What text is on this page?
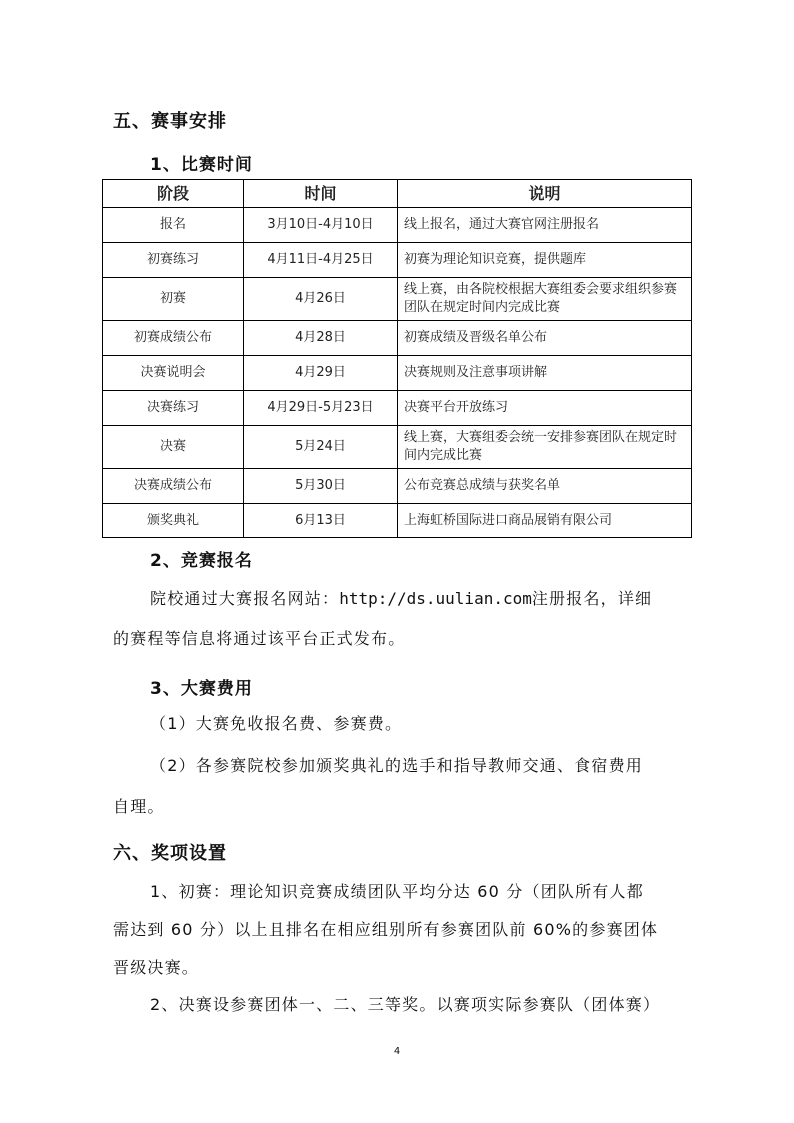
五、赛事安排
1、比赛时间
阶段	时间	说明
报名	3月10日-4月10日	线上报名，通过大赛官网注册报名
初赛练习	4月11日-4月25日	初赛为理论知识竞赛，提供题库
初赛	4月26日	线上赛，由各院校根据大赛组委会要求组织参赛团队在规定时间内完成比赛
初赛成绩公布	4月28日	初赛成绩及晋级名单公布
决赛说明会	4月29日	决赛规则及注意事项讲解
决赛练习	4月29日-5月23日	决赛平台开放练习
决赛	5月24日	线上赛，大赛组委会统一安排参赛团队在规定时间内完成比赛
决赛成绩公布	5月30日	公布竞赛总成绩与获奖名单
颁奖典礼	6月13日	上海虹桥国际进口商品展销有限公司
2、竞赛报名
院校通过大赛报名网站：http://ds.uulian.com注册报名，详细
的赛程等信息将通过该平台正式发布。
3、大赛费用
（1）大赛免收报名费、参赛费。
（2）各参赛院校参加颁奖典礼的选手和指导教师交通、食宿费用
自理。
六、奖项设置
1、初赛：理论知识竞赛成绩团队平均分达 60 分（团队所有人都
需达到 60 分）以上且排名在相应组别所有参赛团队前 60%的参赛团体
晋级决赛。
2、决赛设参赛团体一、二、三等奖。以赛项实际参赛队（团体赛）
4
